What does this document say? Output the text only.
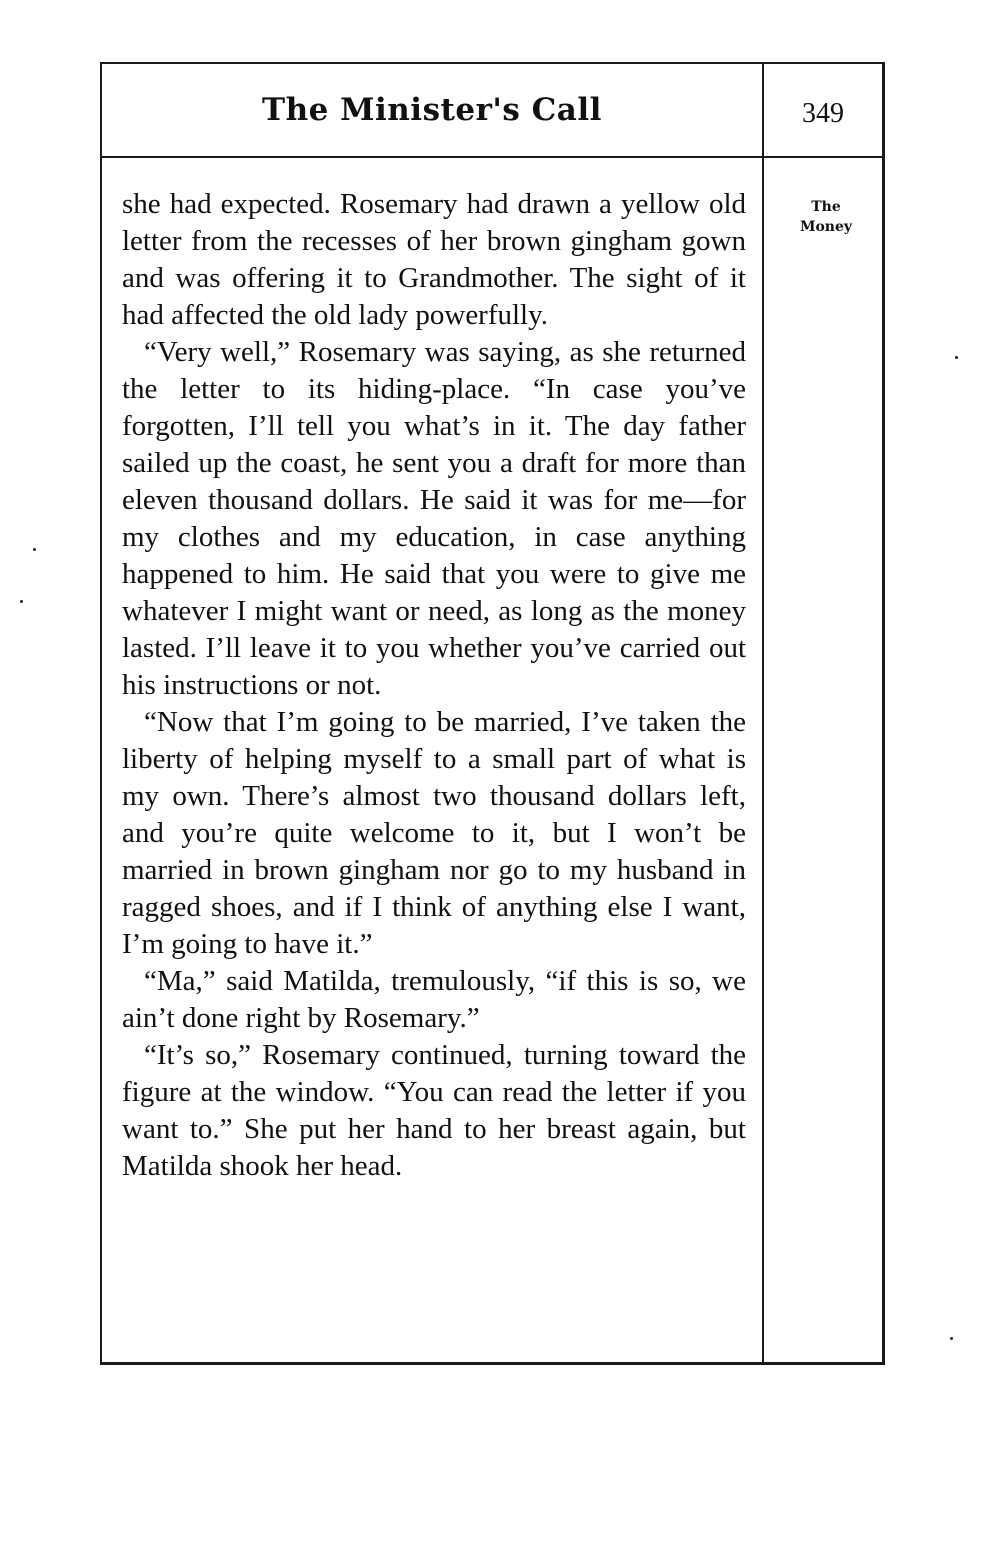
The Minister's Call	349
The
Money

she had expected. Rosemary had drawn a yellow old letter from the recesses of her brown gingham gown and was offering it to Grandmother. The sight of it had affected the old lady powerfully.

“Very well,” Rosemary was saying, as she returned the letter to its hiding-place. “In case you’ve forgotten, I’ll tell you what’s in it. The day father sailed up the coast, he sent you a draft for more than eleven thousand dollars. He said it was for me—for my clothes and my education, in case anything happened to him. He said that you were to give me whatever I might want or need, as long as the money lasted. I’ll leave it to you whether you’ve carried out his instructions or not.

“Now that I’m going to be married, I’ve taken the liberty of helping myself to a small part of what is my own. There’s almost two thousand dollars left, and you’re quite welcome to it, but I won’t be married in brown gingham nor go to my husband in ragged shoes, and if I think of anything else I want, I’m going to have it.”

“Ma,” said Matilda, tremulously, “if this is so, we ain’t done right by Rosemary.”

“It’s so,” Rosemary continued, turning toward the figure at the window. “You can read the letter if you want to.” She put her hand to her breast again, but Matilda shook her head.
